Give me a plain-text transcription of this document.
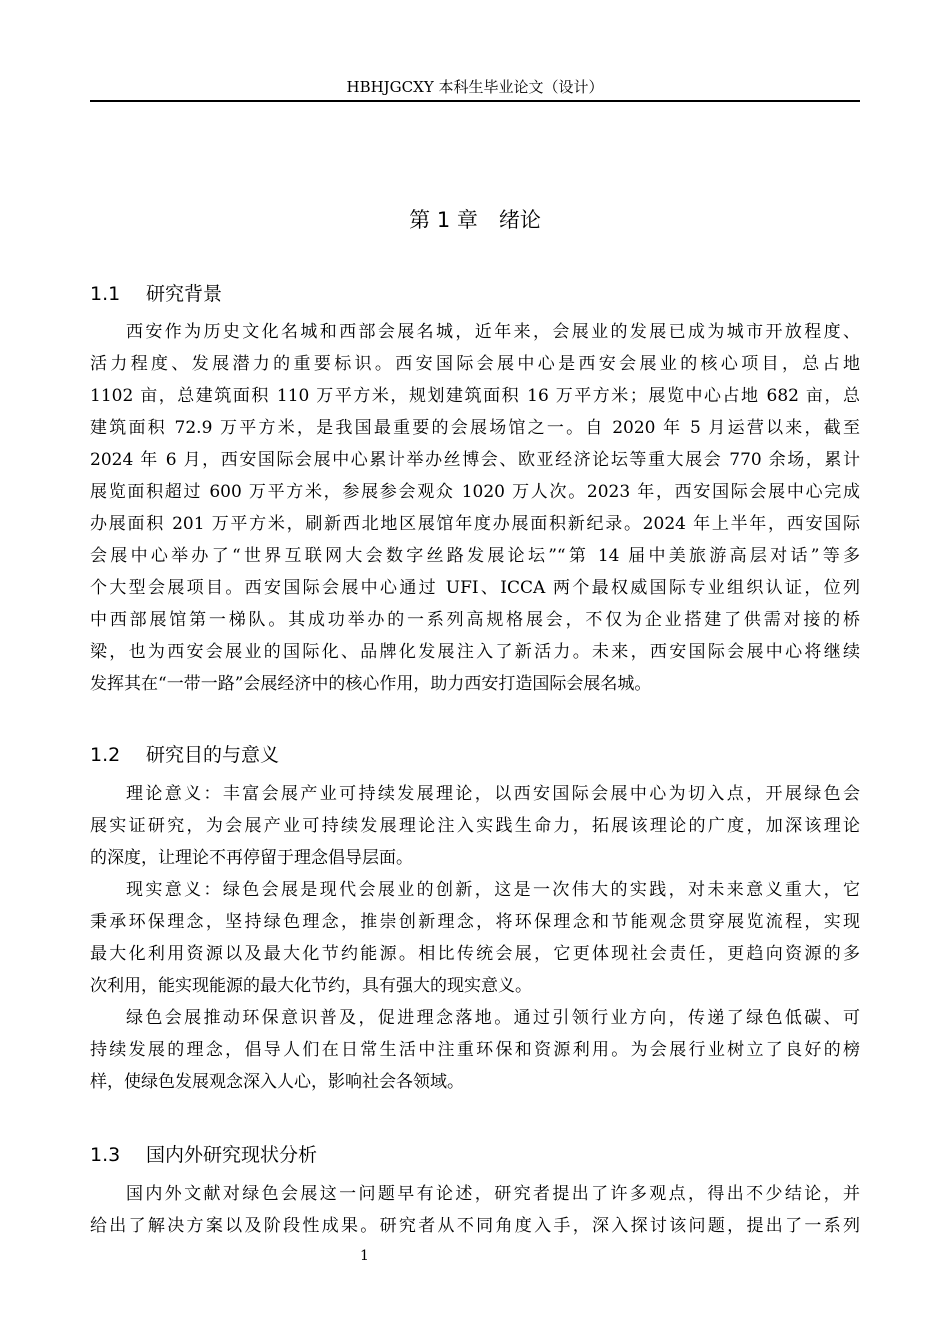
HBHJGCXY 本科生毕业论文（设计）
第 1 章　绪论
1.1 研究背景
西安作为历史文化名城和西部会展名城，近年来，会展业的发展已成为城市开放程度、
活力程度、发展潜力的重要标识。西安国际会展中心是西安会展业的核心项目，总占地
1102 亩，总建筑面积 110 万平方米，规划建筑面积 16 万平方米；展览中心占地 682 亩，总
建筑面积 72.9 万平方米，是我国最重要的会展场馆之一。自 2020 年 5 月运营以来，截至
2024 年 6 月，西安国际会展中心累计举办丝博会、欧亚经济论坛等重大展会 770 余场，累计
展览面积超过 600 万平方米，参展参会观众 1020 万人次。2023 年，西安国际会展中心完成
办展面积 201 万平方米，刷新西北地区展馆年度办展面积新纪录。2024 年上半年，西安国际
会展中心举办了“世界互联网大会数字丝路发展论坛”“第 14 届中美旅游高层对话”等多
个大型会展项目。西安国际会展中心通过 UFI、ICCA 两个最权威国际专业组织认证，位列
中西部展馆第一梯队。其成功举办的一系列高规格展会，不仅为企业搭建了供需对接的桥
梁，也为西安会展业的国际化、品牌化发展注入了新活力。未来，西安国际会展中心将继续
发挥其在“一带一路”会展经济中的核心作用，助力西安打造国际会展名城。
1.2 研究目的与意义
理论意义：丰富会展产业可持续发展理论，以西安国际会展中心为切入点，开展绿色会
展实证研究，为会展产业可持续发展理论注入实践生命力，拓展该理论的广度，加深该理论
的深度，让理论不再停留于理念倡导层面。
现实意义：绿色会展是现代会展业的创新，这是一次伟大的实践，对未来意义重大，它
秉承环保理念，坚持绿色理念，推崇创新理念，将环保理念和节能观念贯穿展览流程，实现
最大化利用资源以及最大化节约能源。相比传统会展，它更体现社会责任，更趋向资源的多
次利用，能实现能源的最大化节约，具有强大的现实意义。
绿色会展推动环保意识普及，促进理念落地。通过引领行业方向，传递了绿色低碳、可
持续发展的理念，倡导人们在日常生活中注重环保和资源利用。为会展行业树立了良好的榜
样，使绿色发展观念深入人心，影响社会各领域。
1.3 国内外研究现状分析
国内外文献对绿色会展这一问题早有论述，研究者提出了许多观点，得出不少结论，并
给出了解决方案以及阶段性成果。研究者从不同角度入手，深入探讨该问题，提出了一系列
1
